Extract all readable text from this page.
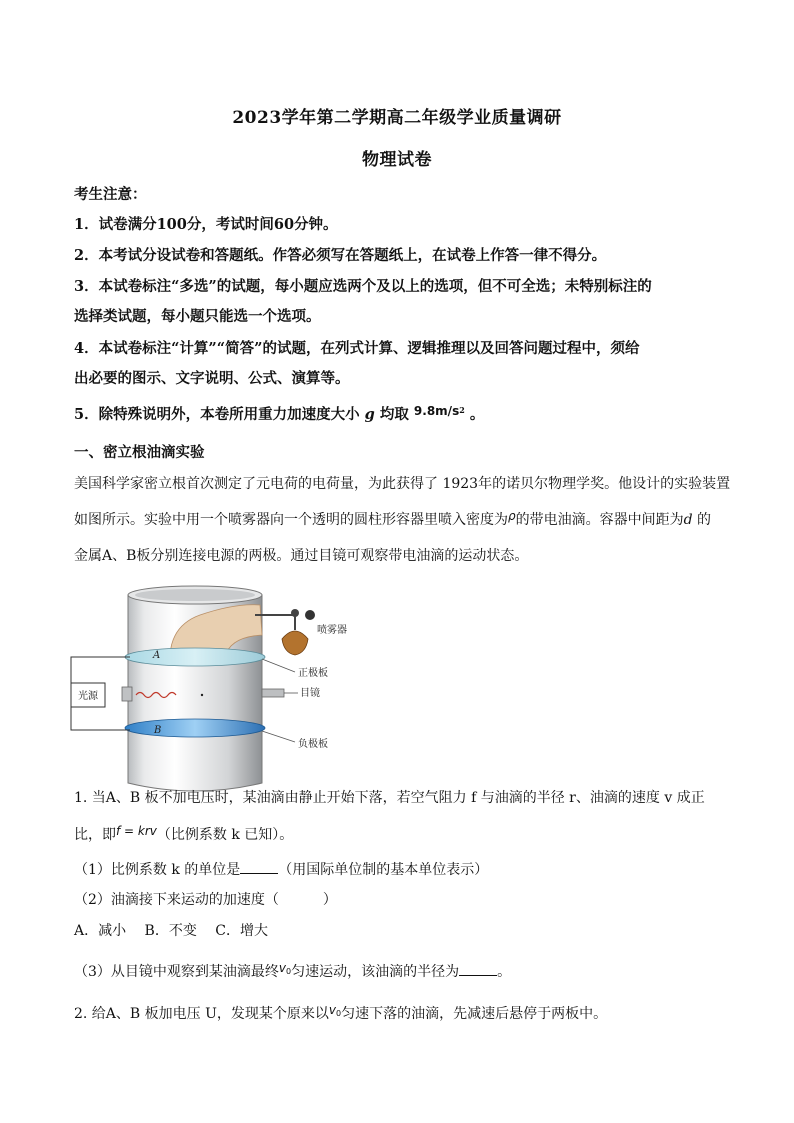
2023学年第二学期高二年级学业质量调研
物理试卷
考生注意：
1．试卷满分100分，考试时间60分钟。
2．本考试分设试卷和答题纸。作答必须写在答题纸上，在试卷上作答一律不得分。
3．本试卷标注“多选”的试题，每小题应选两个及以上的选项，但不可全选；未特别标注的
选择类试题，每小题只能选一个选项。
4．本试卷标注“计算”“简答”的试题，在列式计算、逻辑推理以及回答问题过程中，须给
出必要的图示、文字说明、公式、演算等。
5．除特殊说明外，本卷所用重力加速度大小 g 均取 $^{9.8m/s2}$ 。
一、密立根油滴实验
美国科学家密立根首次测定了元电荷的电荷量，为此获得了 1923年的诺贝尔物理学奖。他设计的实验装置
如图所示。实验中用一个喷雾器向一个透明的圆柱形容器里喷入密度为ρ的带电油滴。容器中间距为d 的
金属A、B板分别连接电源的两极。通过目镜可观察带电油滴的运动状态。
喷雾器
A
正极板
目镜
B
负极板
光源
1. 当A、B 板不加电压时，某油滴由静止开始下落，若空气阻力 f 与油滴的半径 r、油滴的速度 v 成正
比，即f = krv（比例系数 k 已知）。
（1）比例系数 k 的单位是	（用国际单位制的基本单位表示）
（2）油滴接下来运动的加速度（	）
A．减小　 B．不变　 C．增大
（3）从目镜中观察到某油滴最终v0匀速运动，该油滴的半径为	。
2. 给A、B 板加电压 U，发现某个原来以v0匀速下落的油滴，先减速后悬停于两板中。
